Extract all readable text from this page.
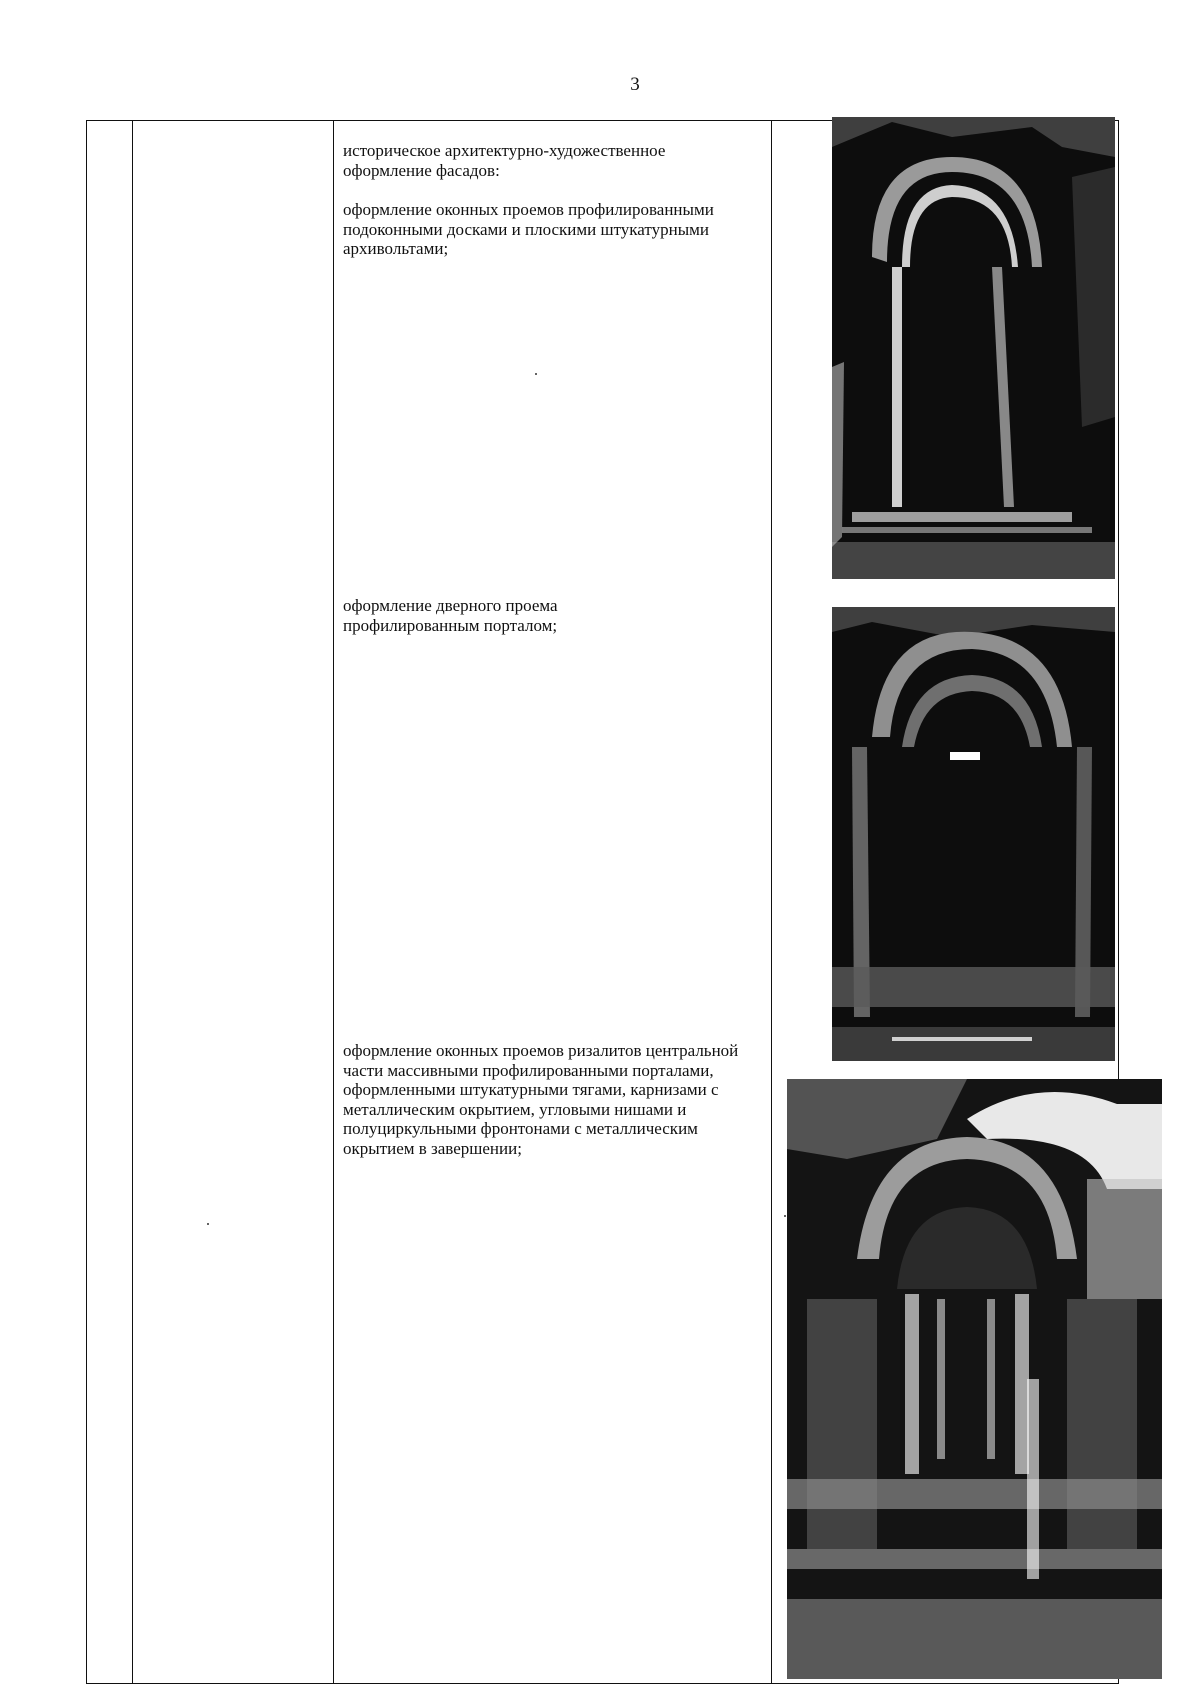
3

историческое архитектурно-художественное оформление фасадов:

оформление оконных проемов профилированными подоконными досками и плоскими штукатурными архивольтами;

оформление дверного проема профилированным порталом;

оформление оконных проемов ризалитов центральной части массивными профилированными порталами, оформленными штукатурными тягами, карнизами с металлическим окрытием, угловыми нишами и полуциркульными фронтонами с металлическим окрытием в завершении;
